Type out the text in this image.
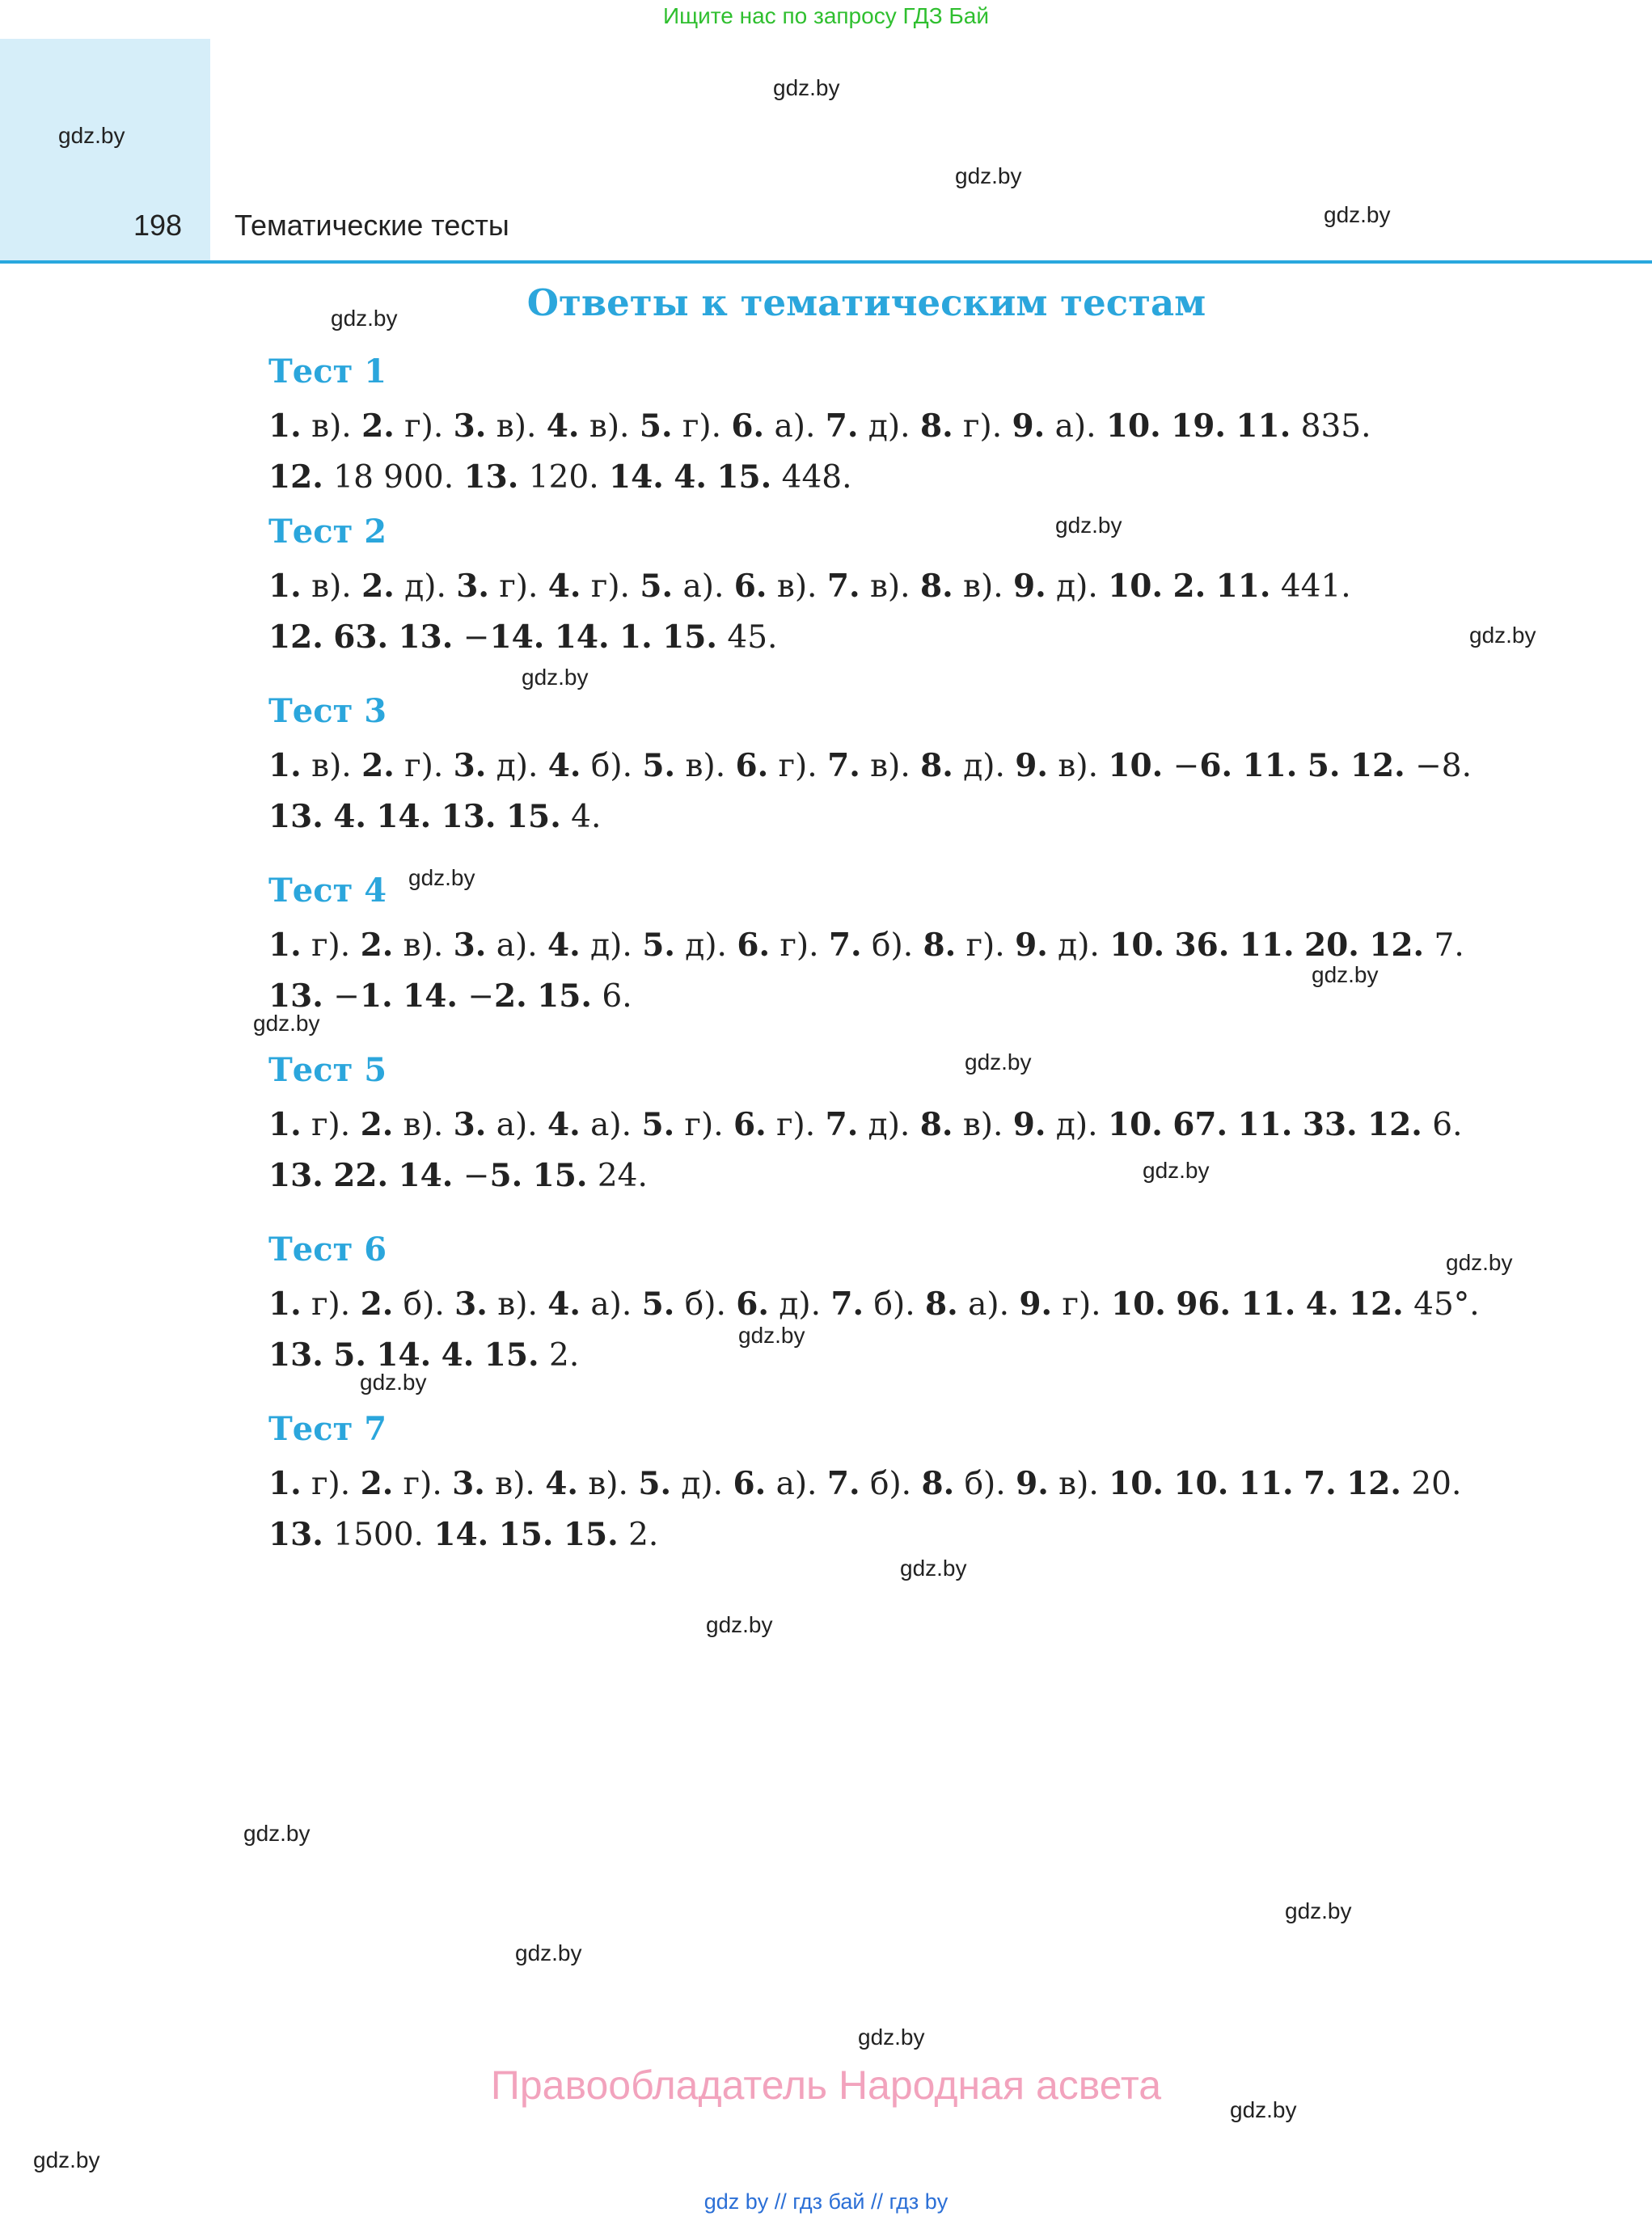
Ищите нас по запросу ГДЗ Бай
198 Тематические тесты
gdz.by
gdz.by
gdz.by
gdz.by
gdz.by
gdz.by
gdz.by
gdz.by
gdz.by
gdz.by
gdz.by
gdz.by
gdz.by
gdz.by
gdz.by
gdz.by
gdz.by
gdz.by
gdz.by
gdz.by
gdz.by
gdz.by
gdz.by
gdz.by
Ответы к тематическим тестам
Тест 1
1. в). 2. г). 3. в). 4. в). 5. г). 6. а). 7. д). 8. г). 9. а). 10. 19. 11. 835.
12. 18 900. 13. 120. 14. 4. 15. 448.
Тест 2
1. в). 2. д). 3. г). 4. г). 5. а). 6. в). 7. в). 8. в). 9. д). 10. 2. 11. 441.
12. 63. 13. −14. 14. 1. 15. 45.
Тест 3
1. в). 2. г). 3. д). 4. б). 5. в). 6. г). 7. в). 8. д). 9. в). 10. −6. 11. 5. 12. −8.
13. 4. 14. 13. 15. 4.
Тест 4
1. г). 2. в). 3. а). 4. д). 5. д). 6. г). 7. б). 8. г). 9. д). 10. 36. 11. 20. 12. 7.
13. −1. 14. −2. 15. 6.
Тест 5
1. г). 2. в). 3. а). 4. а). 5. г). 6. г). 7. д). 8. в). 9. д). 10. 67. 11. 33. 12. 6.
13. 22. 14. −5. 15. 24.
Тест 6
1. г). 2. б). 3. в). 4. а). 5. б). 6. д). 7. б). 8. а). 9. г). 10. 96. 11. 4. 12. 45°.
13. 5. 14. 4. 15. 2.
Тест 7
1. г). 2. г). 3. в). 4. в). 5. д). 6. а). 7. б). 8. б). 9. в). 10. 10. 11. 7. 12. 20.
13. 1500. 14. 15. 15. 2.
Правообладатель Народная асвета
gdz by // гдз бай // гдз by
